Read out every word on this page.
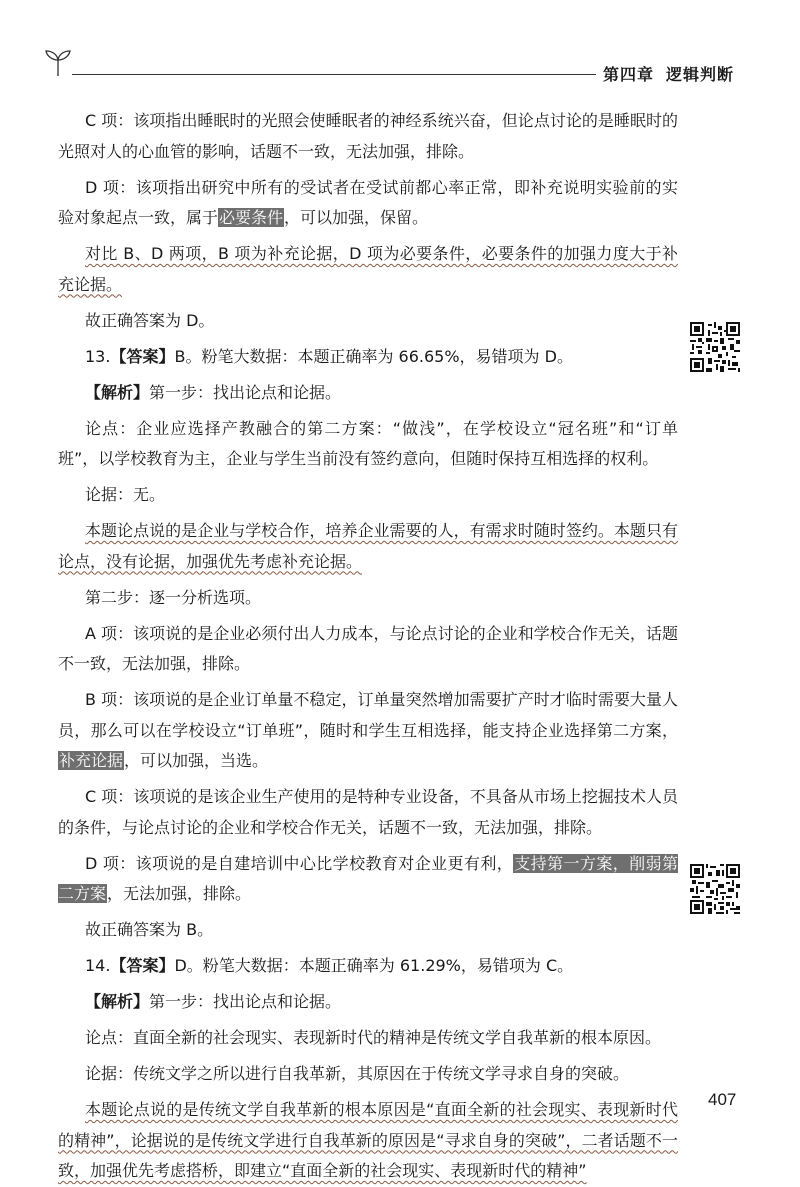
第四章 逻辑判断

C 项：该项指出睡眠时的光照会使睡眠者的神经系统兴奋，但论点讨论的是睡眠时的光照对人的心血管的影响，话题不一致，无法加强，排除。

D 项：该项指出研究中所有的受试者在受试前都心率正常，即补充说明实验前的实验对象起点一致，属于必要条件，可以加强，保留。

对比 B、D 两项，B 项为补充论据，D 项为必要条件，必要条件的加强力度大于补充论据。

故正确答案为 D。

13.【答案】B。粉笔大数据：本题正确率为 66.65%，易错项为 D。

【解析】第一步：找出论点和论据。

论点：企业应选择产教融合的第二方案：“做浅”，在学校设立“冠名班”和“订单班”，以学校教育为主，企业与学生当前没有签约意向，但随时保持互相选择的权利。

论据：无。

本题论点说的是企业与学校合作，培养企业需要的人，有需求时随时签约。本题只有论点，没有论据，加强优先考虑补充论据。

第二步：逐一分析选项。

A 项：该项说的是企业必须付出人力成本，与论点讨论的企业和学校合作无关，话题不一致，无法加强，排除。

B 项：该项说的是企业订单量不稳定，订单量突然增加需要扩产时才临时需要大量人员，那么可以在学校设立“订单班”，随时和学生互相选择，能支持企业选择第二方案，补充论据，可以加强，当选。

C 项：该项说的是该企业生产使用的是特种专业设备，不具备从市场上挖掘技术人员的条件，与论点讨论的企业和学校合作无关，话题不一致，无法加强，排除。

D 项：该项说的是自建培训中心比学校教育对企业更有利，支持第一方案，削弱第二方案，无法加强，排除。

故正确答案为 B。

14.【答案】D。粉笔大数据：本题正确率为 61.29%，易错项为 C。

【解析】第一步：找出论点和论据。

论点：直面全新的社会现实、表现新时代的精神是传统文学自我革新的根本原因。

论据：传统文学之所以进行自我革新，其原因在于传统文学寻求自身的突破。

本题论点说的是传统文学自我革新的根本原因是“直面全新的社会现实、表现新时代的精神”，论据说的是传统文学进行自我革新的原因是“寻求自身的突破”，二者话题不一致，加强优先考虑搭桥，即建立“直面全新的社会现实、表现新时代的精神”

407
